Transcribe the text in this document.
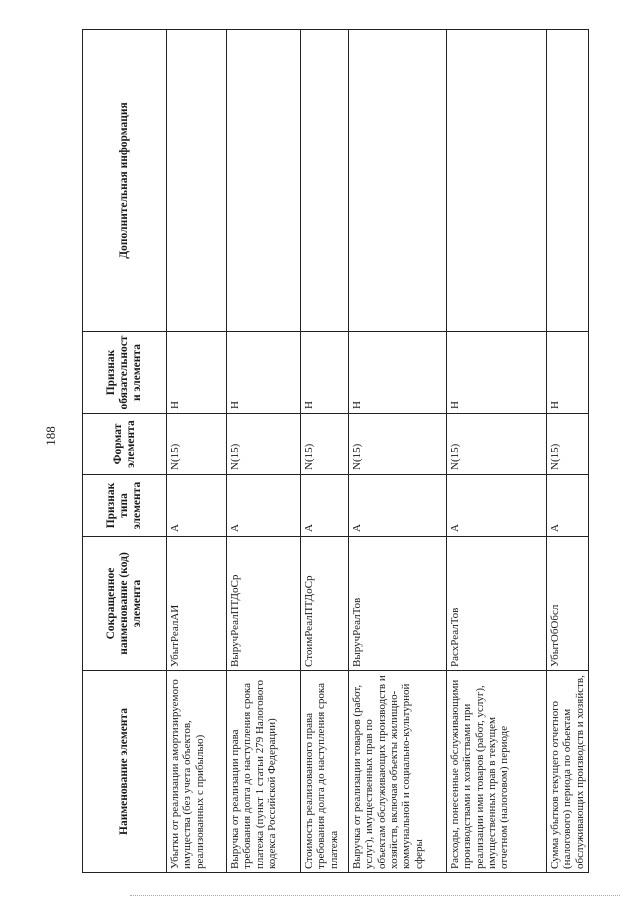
188
Наименование элемента	Сокращенное наименование (код) элемента	Признак типа элемента	Формат элемента	Признак обязательности элемента	Дополнительная информация
Убытки от реализации амортизируемого имущества (без учета объектов, реализованных с прибылью)	УбытРеалАИ	А	N(15)	Н	
Выручка от реализации права требования долга до наступления срока платежа (пункт 1 статьи 279 Налогового кодекса Российской Федерации)	ВыручРеалПТДоСр	А	N(15)	Н	
Стоимость реализованного права требования долга до наступления срока платежа	СтоимРеалПТДоСр	А	N(15)	Н	
Выручка от реализации товаров (работ, услуг), имущественных прав по объектам обслуживающих производств и хозяйств, включая объекты жилищно-коммунальной и социально-культурной сферы	ВыручРеалТов	А	N(15)	Н	
Расходы, понесенные обслуживающими производствами и хозяйствами при реализации ими товаров (работ, услуг), имущественных прав в текущем отчетном (налоговом) периоде	РасхРеалТов	А	N(15)	Н	
Сумма убытков текущего отчетного (налогового) периода по объектам обслуживающих производств и хозяйств,	УбытОбОбсл	А	N(15)	Н	
